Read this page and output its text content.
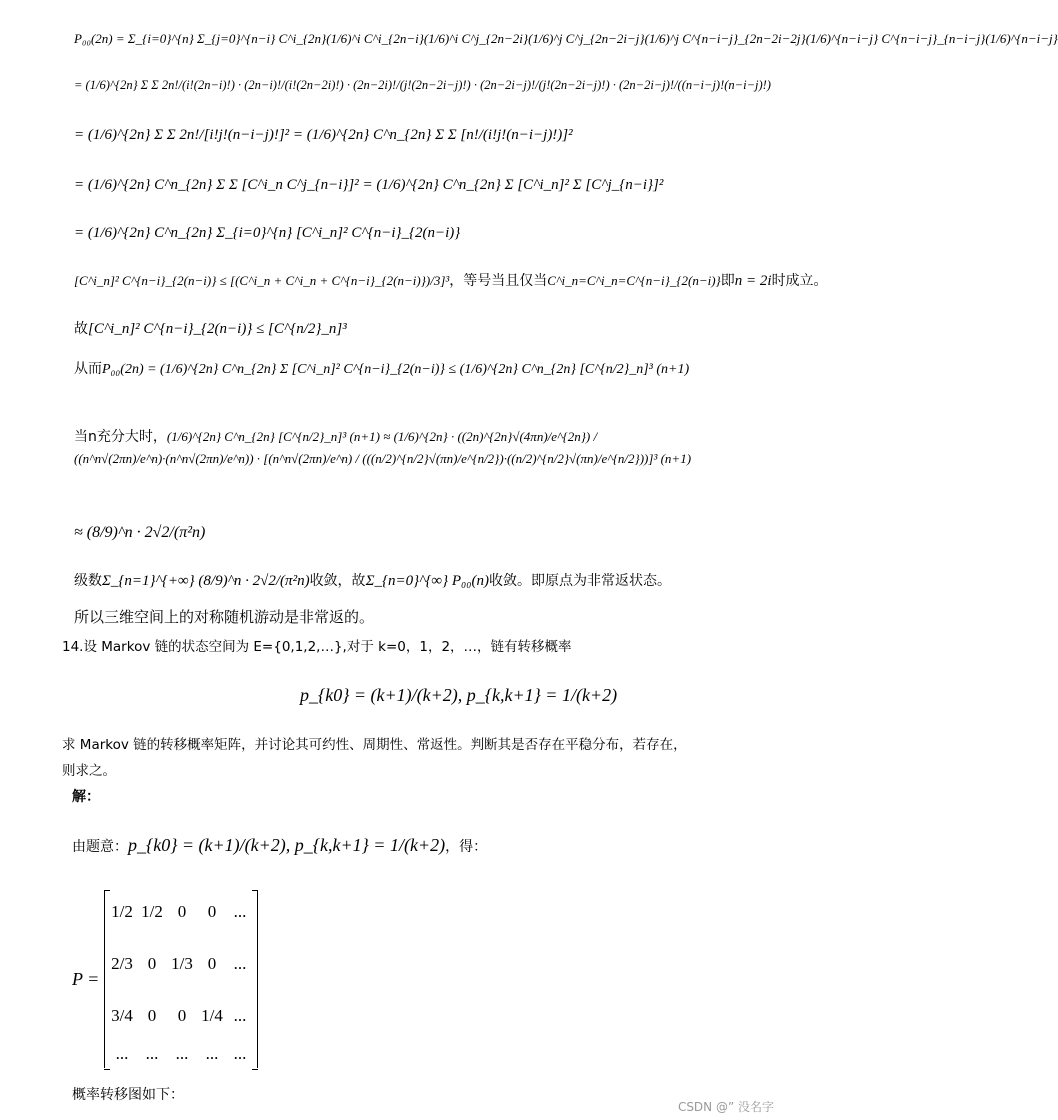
P₀₀(2n) = Σ_{i=0}^{n} Σ_{j=0}^{n−i} C^i_{2n}(1/6)^i C^i_{2n−i}(1/6)^i C^j_{2n−2i}(1/6)^j C^j_{2n−2i−j}(1/6)^j C^{n−i−j}_{2n−2i−2j}(1/6)^{n−i−j} C^{n−i−j}_{n−i−j}(1/6)^{n−i−j}
= (1/6)^{2n} Σ Σ 2n!/(i!(2n−i)!) · (2n−i)!/(i!(2n−2i)!) · (2n−2i)!/(j!(2n−2i−j)!) · (2n−2i−j)!/(j!(2n−2i−j)!) · (2n−2i−j)!/((n−i−j)!(n−i−j)!)
= (1/6)^{2n} Σ Σ 2n!/[i!j!(n−i−j)!]² = (1/6)^{2n} C^n_{2n} Σ Σ [n!/(i!j!(n−i−j)!)]²
= (1/6)^{2n} C^n_{2n} Σ Σ [C^i_n C^j_{n−i}]² = (1/6)^{2n} C^n_{2n} Σ [C^i_n]² Σ [C^j_{n−i}]²
= (1/6)^{2n} C^n_{2n} Σ_{i=0}^{n} [C^i_n]² C^{n−i}_{2(n−i)}
[C^i_n]² C^{n−i}_{2(n−i)} ≤ [(C^i_n + C^i_n + C^{n−i}_{2(n−i)})/3]³，等号当且仅当C^i_n=C^i_n=C^{n−i}_{2(n−i)}即n = 2i时成立。
故[C^i_n]² C^{n−i}_{2(n−i)} ≤ [C^{n/2}_n]³
从而P₀₀(2n) = (1/6)^{2n} C^n_{2n} Σ [C^i_n]² C^{n−i}_{2(n−i)} ≤ (1/6)^{2n} C^n_{2n} [C^{n/2}_n]³ (n+1)
当n充分大时，(1/6)^{2n} C^n_{2n} [C^{n/2}_n]³ (n+1) ≈ (1/6)^{2n} · ((2n)^{2n}√(4πn)/e^{2n}) / ((n^n√(2πn)/e^n)·(n^n√(2πn)/e^n)) · [(n^n√(2πn)/e^n) / (((n/2)^{n/2}√(πn)/e^{n/2})·((n/2)^{n/2}√(πn)/e^{n/2}))]³ (n+1)
≈ (8/9)^n · 2√2/(π²n)
级数Σ_{n=1}^{+∞} (8/9)^n · 2√2/(π²n)收敛，故Σ_{n=0}^{∞} P₀₀(n)收敛。即原点为非常返状态。
所以三维空间上的对称随机游动是非常返的。
14.设 Markov 链的状态空间为 E={0,1,2,…},对于 k=0，1，2，…，链有转移概率
p_{k0} = (k+1)/(k+2), p_{k,k+1} = 1/(k+2)
求 Markov 链的转移概率矩阵，并讨论其可约性、周期性、常返性。判断其是否存在平稳分布，若存在，
则求之。
解：
由题意：p_{k0} = (k+1)/(k+2), p_{k,k+1} = 1/(k+2)，得：
P =
1/2 1/2 0	0	...
2/3 0 1/3 0	...
3/4 0	0 1/4 ...
...	...	...	... ...
概率转移图如下：
CSDN @” 没名字
